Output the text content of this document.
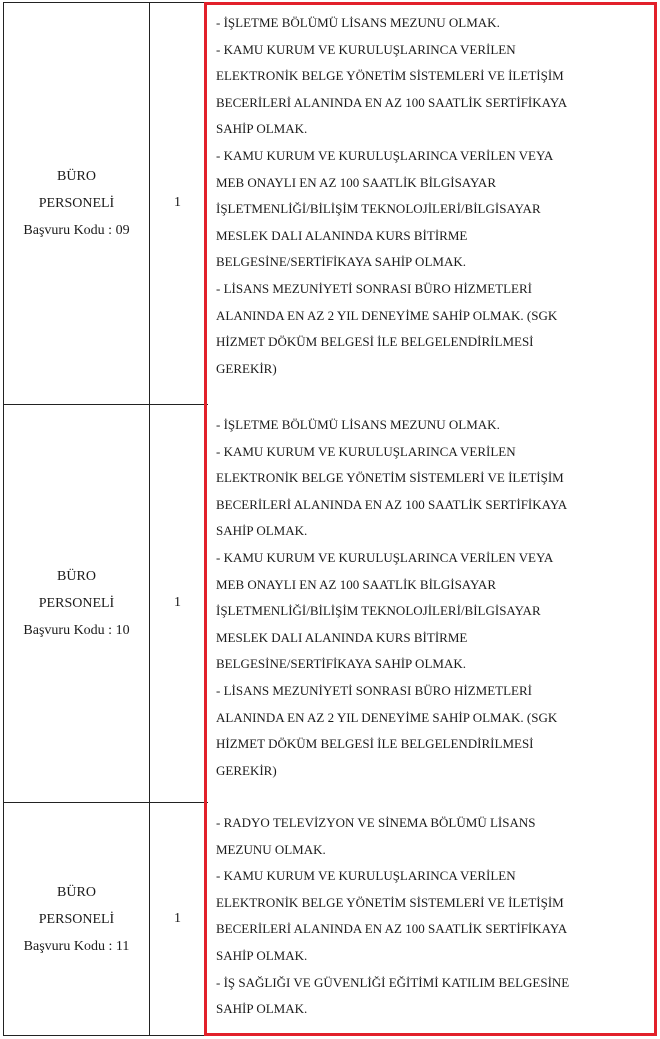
BÜRO
PERSONELİ
Başvuru Kodu : 09
1
- İŞLETME BÖLÜMÜ LİSANS MEZUNU OLMAK.
- KAMU KURUM VE KURULUŞLARINCA VERİLEN
ELEKTRONİK BELGE YÖNETİM SİSTEMLERİ VE İLETİŞİM
BECERİLERİ ALANINDA EN AZ 100 SAATLİK SERTİFİKAYA
SAHİP OLMAK.
- KAMU KURUM VE KURULUŞLARINCA VERİLEN VEYA
MEB ONAYLI EN AZ 100 SAATLİK BİLGİSAYAR
İŞLETMENLİĞİ/BİLİŞİM TEKNOLOJİLERİ/BİLGİSAYAR
MESLEK DALI ALANINDA KURS BİTİRME
BELGESİNE/SERTİFİKAYA SAHİP OLMAK.
- LİSANS MEZUNİYETİ SONRASI BÜRO HİZMETLERİ
ALANINDA EN AZ 2 YIL DENEYİME SAHİP OLMAK. (SGK
HİZMET DÖKÜM BELGESİ İLE BELGELENDİRİLMESİ
GEREKİR)
BÜRO
PERSONELİ
Başvuru Kodu : 10
1
- İŞLETME BÖLÜMÜ LİSANS MEZUNU OLMAK.
- KAMU KURUM VE KURULUŞLARINCA VERİLEN
ELEKTRONİK BELGE YÖNETİM SİSTEMLERİ VE İLETİŞİM
BECERİLERİ ALANINDA EN AZ 100 SAATLİK SERTİFİKAYA
SAHİP OLMAK.
- KAMU KURUM VE KURULUŞLARINCA VERİLEN VEYA
MEB ONAYLI EN AZ 100 SAATLİK BİLGİSAYAR
İŞLETMENLİĞİ/BİLİŞİM TEKNOLOJİLERİ/BİLGİSAYAR
MESLEK DALI ALANINDA KURS BİTİRME
BELGESİNE/SERTİFİKAYA SAHİP OLMAK.
- LİSANS MEZUNİYETİ SONRASI BÜRO HİZMETLERİ
ALANINDA EN AZ 2 YIL DENEYİME SAHİP OLMAK. (SGK
HİZMET DÖKÜM BELGESİ İLE BELGELENDİRİLMESİ
GEREKİR)
BÜRO
PERSONELİ
Başvuru Kodu : 11
1
- RADYO TELEVİZYON VE SİNEMA BÖLÜMÜ LİSANS
MEZUNU OLMAK.
- KAMU KURUM VE KURULUŞLARINCA VERİLEN
ELEKTRONİK BELGE YÖNETİM SİSTEMLERİ VE İLETİŞİM
BECERİLERİ ALANINDA EN AZ 100 SAATLİK SERTİFİKAYA
SAHİP OLMAK.
- İŞ SAĞLIĞI VE GÜVENLİĞİ EĞİTİMİ KATILIM BELGESİNE
SAHİP OLMAK.
